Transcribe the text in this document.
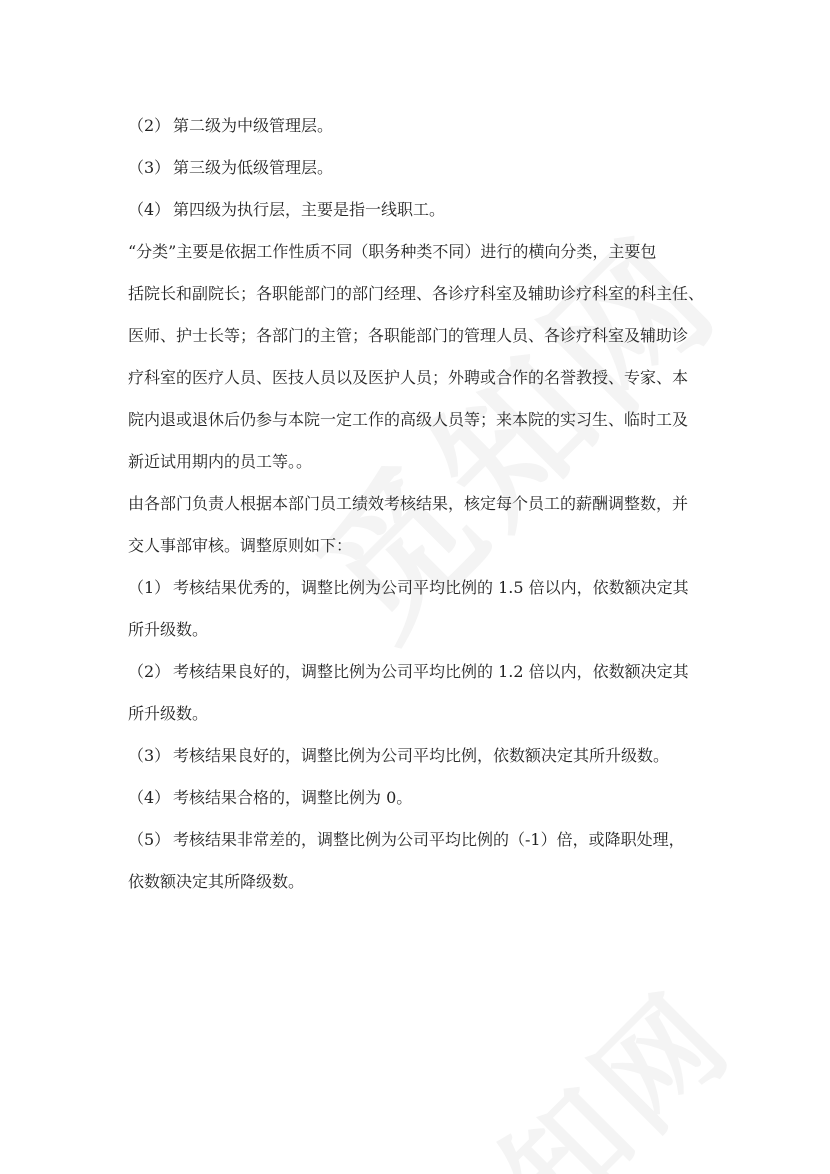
（2） 第二级为中级管理层。

（3） 第三级为低级管理层。

（4） 第四级为执行层，主要是指一线职工。

“分类”主要是依据工作性质不同（职务种类不同）进行的横向分类，主要包

括院长和副院长；各职能部门的部门经理、各诊疗科室及辅助诊疗科室的科主任、

医师、护士长等；各部门的主管；各职能部门的管理人员、各诊疗科室及辅助诊

疗科室的医疗人员、医技人员以及医护人员；外聘或合作的名誉教授、专家、本

院内退或退休后仍参与本院一定工作的高级人员等；来本院的实习生、临时工及

新近试用期内的员工等。。

由各部门负责人根据本部门员工绩效考核结果，核定每个员工的薪酬调整数，并

交人事部审核。调整原则如下：

（1） 考核结果优秀的，调整比例为公司平均比例的 1.5 倍以内，依数额决定其

所升级数。

（2） 考核结果良好的，调整比例为公司平均比例的 1.2 倍以内，依数额决定其

所升级数。

（3） 考核结果良好的，调整比例为公司平均比例，依数额决定其所升级数。

（4） 考核结果合格的，调整比例为 0。

（5） 考核结果非常差的，调整比例为公司平均比例的（-1）倍，或降职处理，

依数额决定其所降级数。
